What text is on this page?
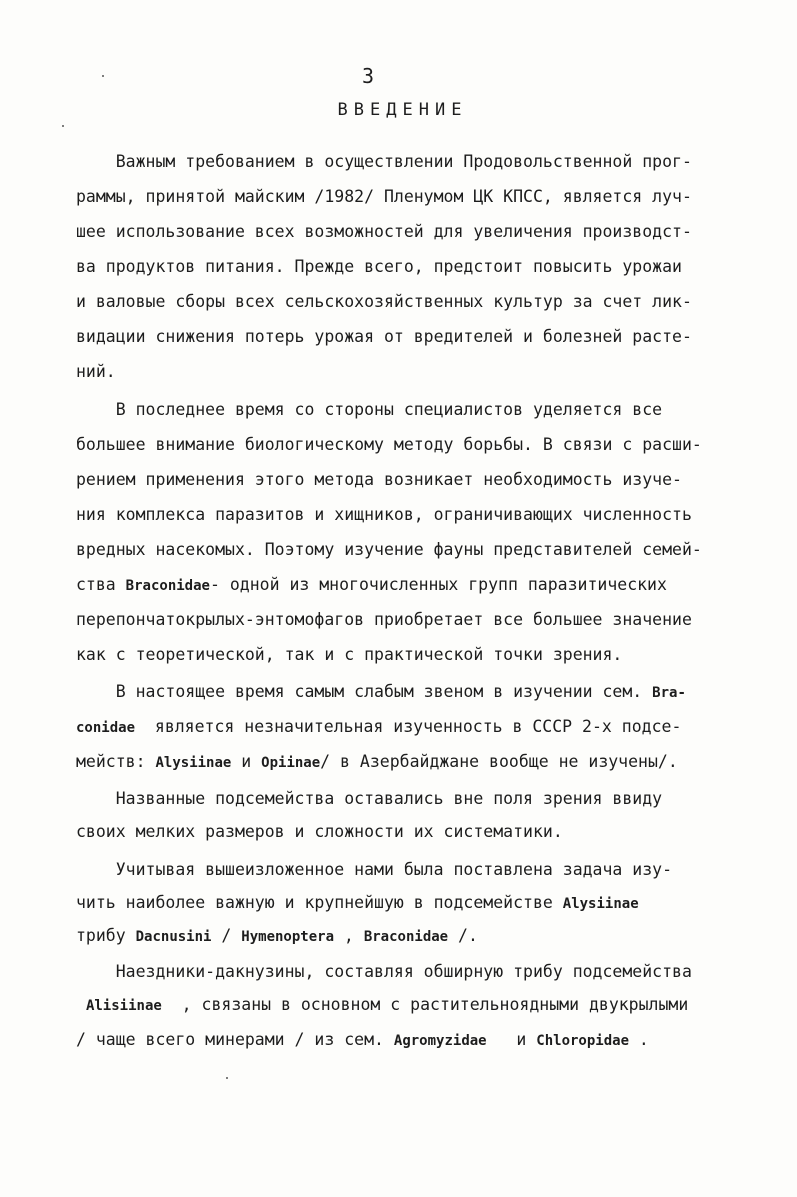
3
ВВЕДЕНИЕ
Важным требованием в осуществлении Продовольственной прог-
раммы, принятой майским /1982/ Пленумом ЦК КПСС, является луч-
шее использование всех возможностей для увеличения производст-
ва продуктов питания. Прежде всего, предстоит повысить урожаи
и валовые сборы всех сельскохозяйственных культур за счет лик-
видации снижения потерь урожая от вредителей и болезней расте-
ний.
В последнее время со стороны специалистов уделяется все
большее внимание биологическому методу борьбы. В связи с расши-
рением применения этого метода возникает необходимость изуче-
ния комплекса паразитов и хищников, ограничивающих численность
вредных насекомых. Поэтому изучение фауны представителей семей-
ства Braconidae- одной из многочисленных групп паразитических
перепончатокрылых-энтомофагов приобретает все большее значение
как с теоретической, так и с практической точки зрения.
В настоящее время самым слабым звеном в изучении сем. Bra-
conidae  является незначительная изученность в СССР 2-х подсе-
мейств: Alysiinae и Opiinae/ в Азербайджане вообще не изучены/.
Названные подсемейства оставались вне поля зрения ввиду
своих мелких размеров и сложности их систематики.
Учитывая вышеизложенное нами была поставлена задача изу-
чить наиболее важную и крупнейшую в подсемействе Alysiinae
трибу Dacnusini / Hymenoptera , Braconidae /.
Наездники-дакнузины, составляя обширную трибу подсемейства
Alisiinae  , связаны в основном с растительноядными двукрылыми
/ чаще всего минерами / из сем. Agromyzidae   и Chloropidae .
